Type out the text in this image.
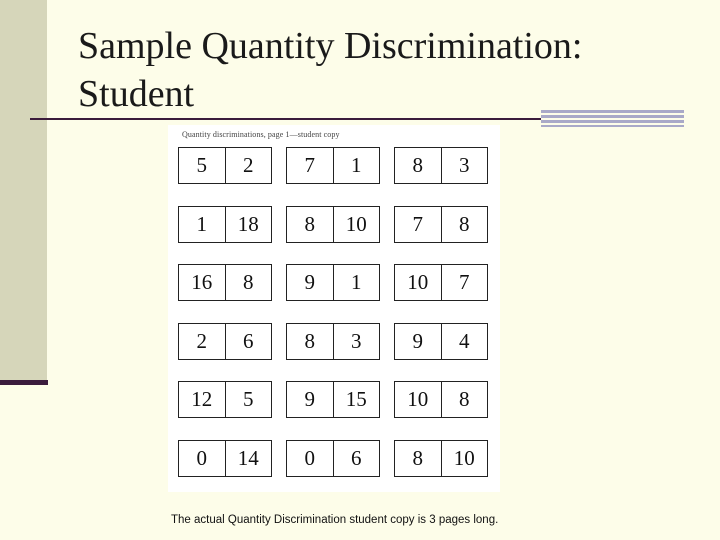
Sample Quantity Discrimination:
Student
Quantity discriminations, page 1—student copy
5	2	7	1	8	3
1	18	8	10	7	8
16	8	9	1	10	7
2	6	8	3	9	4
12	5	9	15	10	8
0	14	0	6	8	10
The actual Quantity Discrimination student copy is 3 pages long.
